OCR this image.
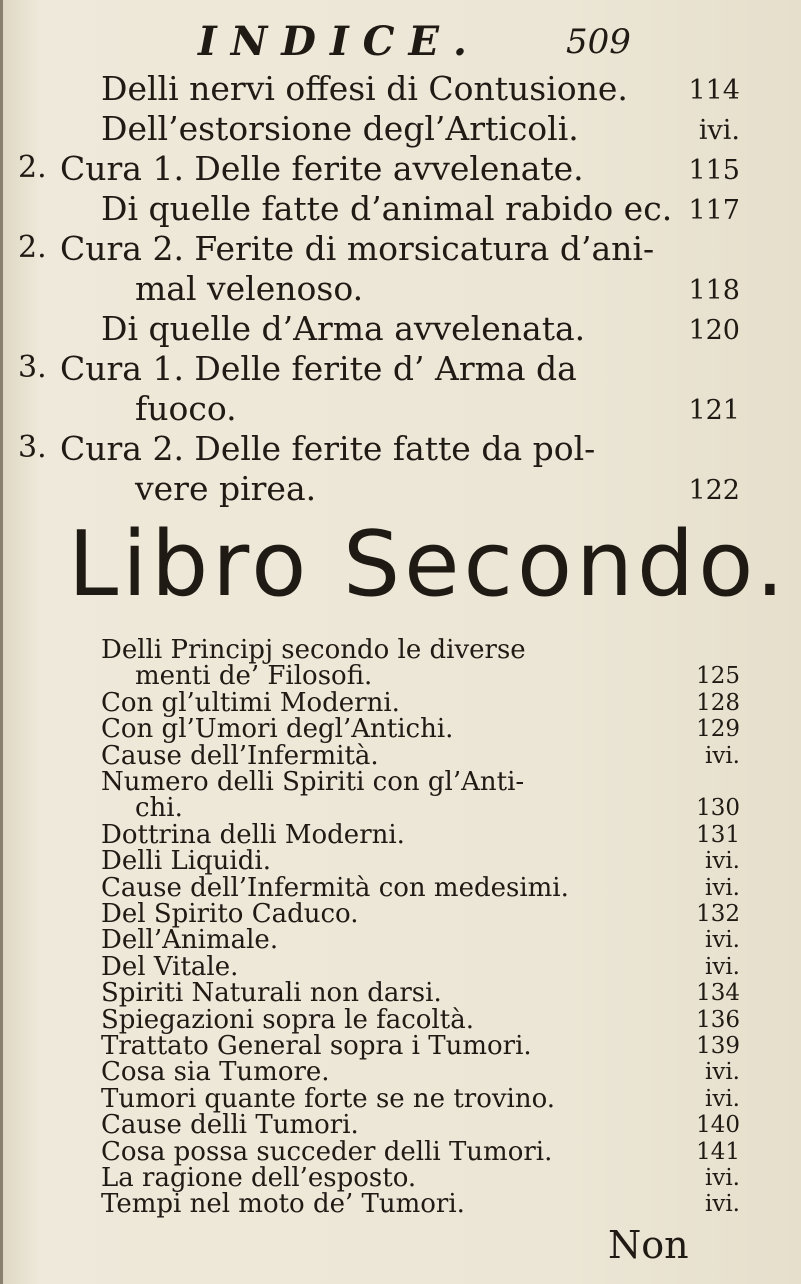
INDICE.	509
Delli nervi offesi di Contusione.	114
Dell’estorsione degl’Articoli.	ivi.
2. Cura 1. Delle ferite avvelenate.	115
Di quelle fatte d’animal rabido ec. 117
2. Cura 2. Ferite di morsicatura d’ani-
mal velenoso.	118
Di quelle d’Arma avvelenata.	120
3. Cura 1. Delle ferite d’ Arma da
fuoco.	121
3. Cura 2. Delle ferite fatte da pol-
vere pirea.	122
Libro Secondo.
Delli Principj secondo le diverse
menti de’ Filosofi.	125
Con gl’ultimi Moderni.	128
Con gl’Umori degl’Antichi.	129
Cause dell’Infermità.	ivi.
Numero delli Spiriti con gl’Anti-
chi.	130
Dottrina delli Moderni.	131
Delli Liquidi.	ivi.
Cause dell’Infermità con medesimi.	ivi.
Del Spirito Caduco.	132
Dell’Animale.	ivi.
Del Vitale.	ivi.
Spiriti Naturali non darsi.	134
Spiegazioni sopra le facoltà.	136
Trattato General sopra i Tumori.	139
Cosa sia Tumore.	ivi.
Tumori quante forte se ne trovino.	ivi.
Cause delli Tumori.	140
Cosa possa succeder delli Tumori.	141
La ragione dell’esposto.	ivi.
Tempi nel moto de’ Tumori.	ivi.
Non
